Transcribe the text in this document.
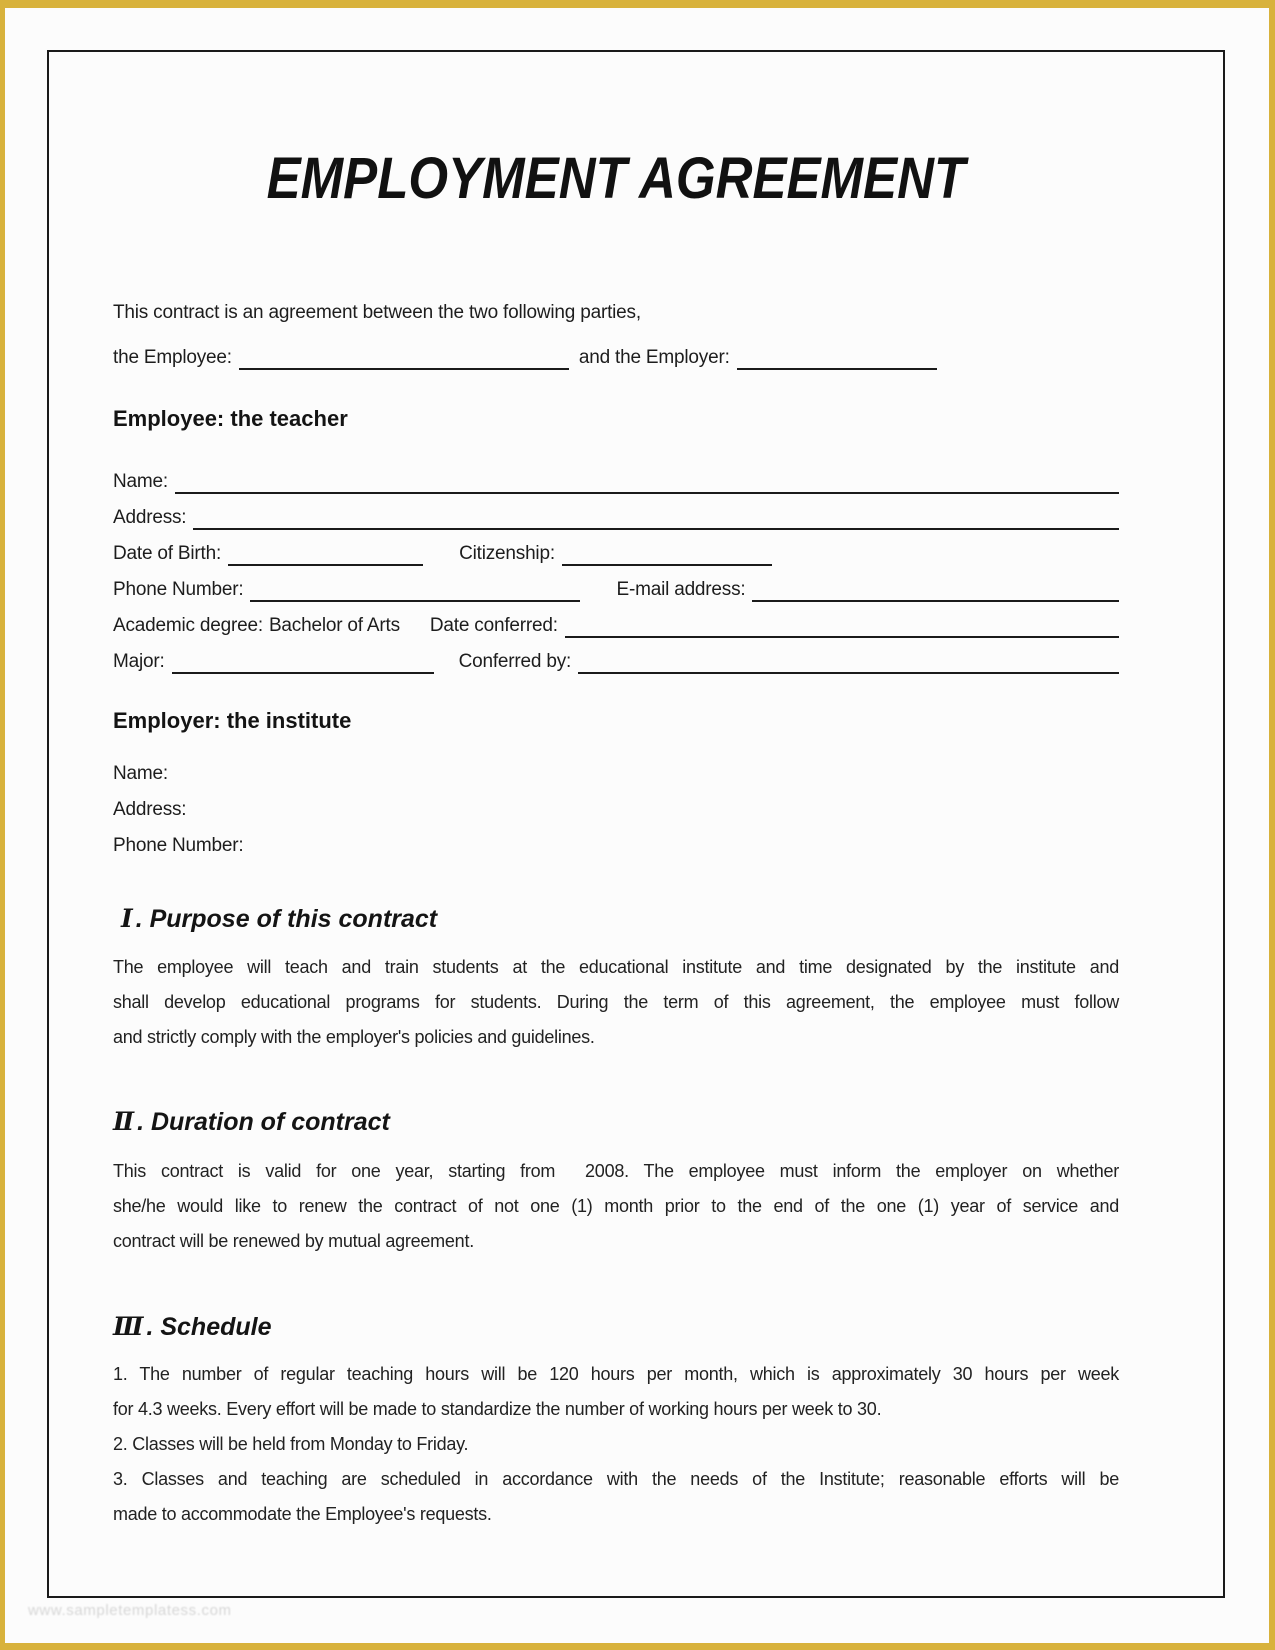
EMPLOYMENT AGREEMENT
This contract is an agreement between the two following parties,
the Employee:	and the Employer:
Employee: the teacher
Name:
Address:
Date of Birth:	Citizenship:
Phone Number:	E-mail address:
Academic degree: Bachelor of Arts Date conferred:
Major:	Conferred by:
Employer: the institute
Name:
Address:
Phone Number:
Ⅰ . Purpose of this contract
The employee will teach and train students at the educational institute and time designated by the institute and
shall develop educational programs for students. During the term of this agreement, the employee must follow
and strictly comply with the employer's policies and guidelines.
Ⅱ . Duration of contract
This contract is valid for one year, starting from  2008. The employee must inform the employer on whether
she/he would like to renew the contract of not one (1) month prior to the end of the one (1) year of service and
contract will be renewed by mutual agreement.
Ⅲ . Schedule
1. The number of regular teaching hours will be 120 hours per month, which is approximately 30 hours per week
for 4.3 weeks. Every effort will be made to standardize the number of working hours per week to 30.
2. Classes will be held from Monday to Friday.
3. Classes and teaching are scheduled in accordance with the needs of the Institute; reasonable efforts will be
made to accommodate the Employee's requests.
www.sampletemplatess.com
